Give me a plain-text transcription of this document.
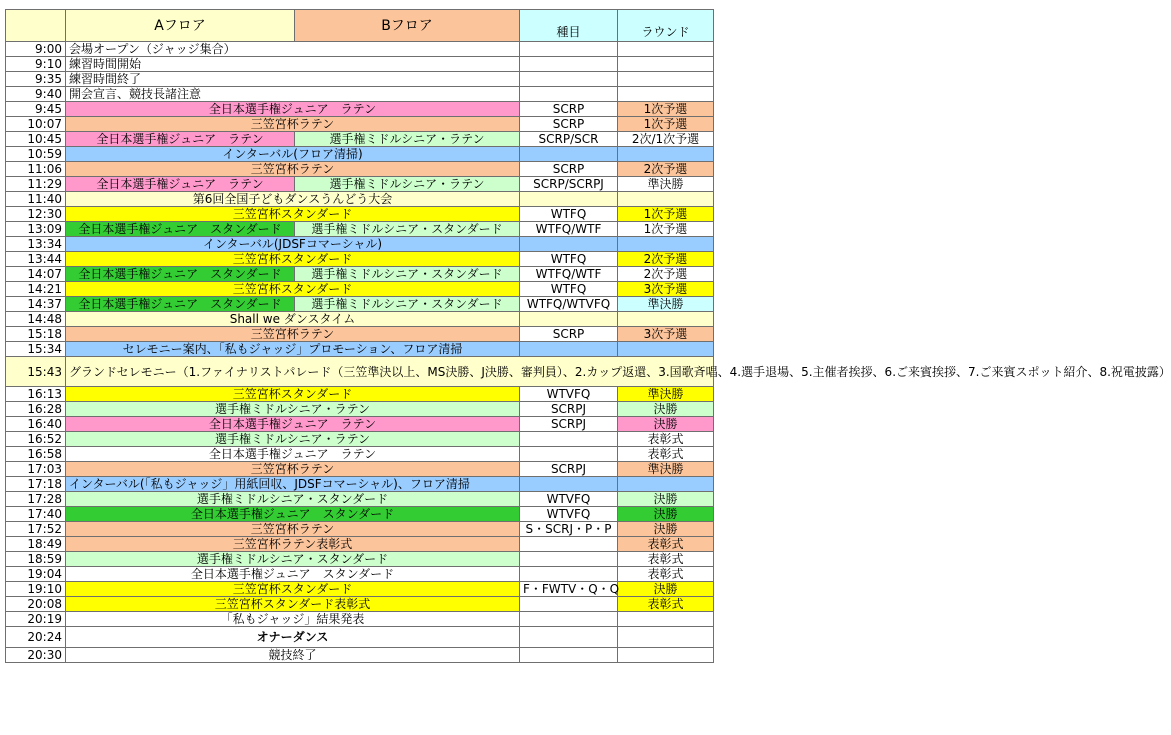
	Aフロア	Bフロア	種目	ラウンド
9:00	会場オープン（ジャッジ集合）			
9:10	練習時間開始			
9:35	練習時間終了			
9:40	開会宣言、競技長諸注意			
9:45	全日本選手権ジュニア　ラテン		SCRP	1次予選
10:07	三笠宮杯ラテン		SCRP	1次予選
10:45	全日本選手権ジュニア　ラテン	選手権ミドルシニア・ラテン	SCRP/SCR	2次/1次予選
10:59	インターバル(フロア清掃)			
11:06	三笠宮杯ラテン		SCRP	2次予選
11:29	全日本選手権ジュニア　ラテン	選手権ミドルシニア・ラテン	SCRP/SCRPJ	準決勝
11:40	第6回全国子どもダンスうんどう大会			
12:30	三笠宮杯スタンダード		WTFQ	1次予選
13:09	全日本選手権ジュニア　スタンダード	選手権ミドルシニア・スタンダード	WTFQ/WTF	1次予選
13:34	インターバル(JDSFコマーシャル)			
13:44	三笠宮杯スタンダード		WTFQ	2次予選
14:07	全日本選手権ジュニア　スタンダード	選手権ミドルシニア・スタンダード	WTFQ/WTF	2次予選
14:21	三笠宮杯スタンダード		WTFQ	3次予選
14:37	全日本選手権ジュニア　スタンダード	選手権ミドルシニア・スタンダード	WTFQ/WTVFQ	準決勝
14:48	Shall we ダンスタイム			
15:18	三笠宮杯ラテン		SCRP	3次予選
15:34	セレモニー案内、「私もジャッジ」プロモーション、フロア清掃			
15:43	グランドセレモニー（1.ファイナリストパレード（三笠準決以上、MS決勝、J決勝、審判員）、2.カップ返還、3.国歌斉唱、4.選手退場、5.主催者挨拶、6.ご来賓挨拶、7.ご来賓スポット紹介、8.祝電披露）			
16:13	三笠宮杯スタンダード		WTVFQ	準決勝
16:28	選手権ミドルシニア・ラテン		SCRPJ	決勝
16:40	全日本選手権ジュニア　ラテン		SCRPJ	決勝
16:52	選手権ミドルシニア・ラテン			表彰式
16:58	全日本選手権ジュニア　ラテン			表彰式
17:03	三笠宮杯ラテン		SCRPJ	準決勝
17:18	インターバル(「私もジャッジ」用紙回収、JDSFコマーシャル)、フロア清掃			
17:28	選手権ミドルシニア・スタンダード		WTVFQ	決勝
17:40	全日本選手権ジュニア　スタンダード		WTVFQ	決勝
17:52	三笠宮杯ラテン		S・SCRJ・P・P	決勝
18:49	三笠宮杯ラテン表彰式			表彰式
18:59	選手権ミドルシニア・スタンダード			表彰式
19:04	全日本選手権ジュニア　スタンダード			表彰式
19:10	三笠宮杯スタンダード		F・FWTV・Q・Q	決勝
20:08	三笠宮杯スタンダード表彰式			表彰式
20:19	「私もジャッジ」結果発表			
20:24	オナーダンス			
20:30	競技終了			
